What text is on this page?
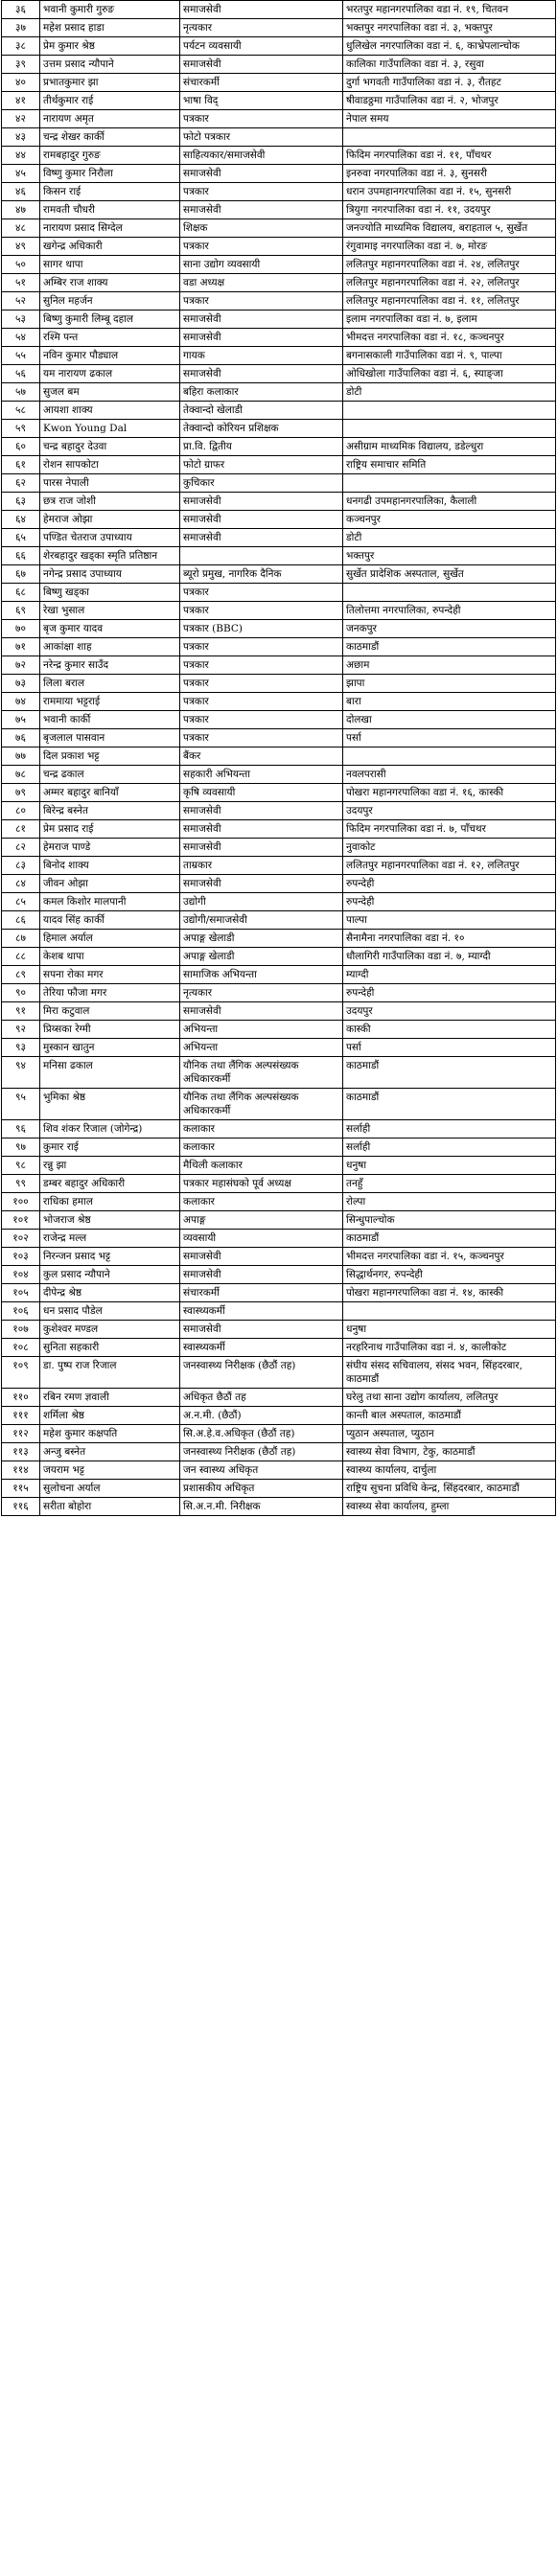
३६	भवानी कुमारी गुरुङ	समाजसेवी	भरतपुर महानगरपालिका वडा नं. १९, चितवन
३७	महेश प्रसाद हाडा	नृत्यकार	भक्तपुर नगरपालिका वडा नं. ३, भक्तपुर
३८	प्रेम कुमार श्रेष्ठ	पर्यटन व्यवसायी	धुलिखेल नगरपालिका वडा नं. ६, काभ्रेपलान्चोक
३९	उत्तम प्रसाद न्यौपाने	समाजसेवी	कालिका गाउँपालिका वडा नं. ३, रसुवा
४०	प्रभातकुमार झा	संचारकर्मी	दुर्गा भगवती गाउँपालिका वडा नं. ३, रौतहट
४१	तीर्थकुमार राई	भाषा विद्	षीवाडठ्ठमा गाउँपालिका वडा नं. २, भोजपुर
४२	नारायण अमृत	पत्रकार	नेपाल समय
४३	चन्द्र शेखर कार्की	फोटो पत्रकार	
४४	रामबहादुर गुरुङ	साहित्यकार/समाजसेवी	फिदिम नगरपालिका वडा नं. ११, पाँचथर
४५	विष्णु कुमार निरौला	समाजसेवी	इनरुवा नगरपालिका वडा नं. ३, सुनसरी
४६	किसन राई	पत्रकार	धरान उपमहानगरपालिका वडा नं. १५, सुनसरी
४७	रामवती चौधरी	समाजसेवी	त्रियुगा नगरपालिका वडा नं. ११, उदयपुर
४८	नारायण प्रसाद सिग्देल	शिक्षक	जनज्योति माध्यमिक विद्यालय, बराहताल ५, सुर्खेत
४९	खगेन्द्र अधिकारी	पत्रकार	रंगुवामाइ नगरपालिका वडा नं. ७, मोरङ
५०	सागर थापा	साना उद्योग व्यवसायी	ललितपुर महानगरपालिका वडा नं. २४, ललितपुर
५१	अम्बिर राज शाक्य	वडा अध्यक्ष	ललितपुर महानगरपालिका वडा नं. २२, ललितपुर
५२	सुनिल महर्जन	पत्रकार	ललितपुर महानगरपालिका वडा नं. ११, ललितपुर
५३	बिष्णु कुमारी लिम्बू दहाल	समाजसेवी	इलाम नगरपालिका वडा नं. ७, इलाम
५४	रश्मि पन्त	समाजसेवी	भीमदत्त नगरपालिका वडा नं. १८, कञ्चनपुर
५५	नविन कुमार पौड्याल	गायक	बगनासकाली गाउँपालिका वडा नं. ९, पाल्पा
५६	यम नारायण ढकाल	समाजसेवी	ओधिखोला गाउँपालिका वडा नं. ६, स्याङ्जा
५७	सुजल बम	बहिरा कलाकार	डोटी
५८	आयशा शाक्य	तेक्वान्दो खेलाडी	
५९	Kwon Young Dal	तेक्वान्दो कोरियन प्रशिक्षक	
६०	चन्द्र बहादुर देउवा	प्रा.वि. द्वितीय	असीग्राम माध्यमिक विद्यालय, डडेल्धुरा
६१	रोशन सापकोटा	फोटो ग्राफर	राष्ट्रिय समाचार समिति
६२	पारस नेपाली	कुचिकार	
६३	छत्र राज जोशी	समाजसेवी	धनगढी उपमहानगरपालिका, कैलाली
६४	हेमराज ओझा	समाजसेवी	कञ्चनपुर
६५	पण्डित चेतराज उपाध्याय	समाजसेवी	डोटी
६६	शेरबहादुर खड्का स्मृति प्रतिष्ठान		भक्तपुर
६७	नगेन्द्र प्रसाद उपाध्याय	ब्यूरो प्रमुख, नागरिक दैनिक	सुर्खेत प्रादेशिक अस्पताल, सुर्खेत
६८	बिष्णु खड्का	पत्रकार	
६९	रेखा भुसाल	पत्रकार	तिलोत्तमा नगरपालिका, रुपन्देही
७०	बृज कुमार यादव	पत्रकार (BBC)	जनकपुर
७१	आकांक्षा शाह	पत्रकार	काठमाडौं
७२	नरेन्द्र कुमार साउँद	पत्रकार	अछाम
७३	लिला बराल	पत्रकार	झापा
७४	राममाया भट्टराई	पत्रकार	बारा
७५	भवानी कार्की	पत्रकार	दोलखा
७६	बृजलाल पासवान	पत्रकार	पर्सा
७७	दिल प्रकाश भट्ट	बैंकर	
७८	चन्द्र ढकाल	सहकारी अभियन्ता	नवलपरासी
७९	अम्मर बहादुर बानियाँ	कृषि व्यवसायी	पोखरा महानगरपालिका वडा नं. १६, कास्की
८०	बिरेन्द्र बस्नेत	समाजसेवी	उदयपुर
८१	प्रेम प्रसाद राई	समाजसेवी	फिदिम नगरपालिका वडा नं. ७, पाँचथर
८२	हेमराज पाण्डे	समाजसेवी	नुवाकोट
८३	बिनोद शाक्य	ताम्रकार	ललितपुर महानगरपालिका वडा नं. १२, ललितपुर
८४	जीवन ओझा	समाजसेवी	रुपन्देही
८५	कमल किशोर मालपानी	उद्योगी	रुपन्देही
८६	यादव सिंह कार्की	उद्योगी/समाजसेवी	पाल्पा
८७	हिमाल अर्याल	अपाङ्ग खेलाडी	सैनामैना नगरपालिका वडा नं. १०
८८	केशब थापा	अपाङ्ग खेलाडी	धौलागिरी गाउँपालिका वडा नं. ७, म्याग्दी
८९	सपना रोका मगर	सामाजिक अभियन्ता	म्याग्दी
९०	तेरिया फौजा मगर	नृत्यकार	रुपन्देही
९१	मिरा कटुवाल	समाजसेवी	उदयपुर
९२	प्रिय्सका रेग्मी	अभियन्ता	कास्की
९३	मुस्कान खातुन	अभियन्ता	पर्सा
९४	मनिसा ढकाल	यौनिक तथा लैंगिक अल्पसंख्यक अधिकारकर्मी	काठमाडौं
९५	भुमिका श्रेष्ठ	यौनिक तथा लैंगिक अल्पसंख्यक अधिकारकर्मी	काठमाडौं
९६	शिव शंकर रिजाल (जोगेन्द्र)	कलाकार	सर्लाही
९७	कुमार राई	कलाकार	सर्लाही
९८	रन्नु झा	मैथिली कलाकार	धनुषा
९९	डम्बर बहादुर अधिकारी	पत्रकार महासंघको पूर्व अध्यक्ष	तनहुँ
१००	राधिका हमाल	कलाकार	रोल्पा
१०१	भोजराज श्रेष्ठ	अपाङ्ग	सिन्धुपाल्चोक
१०२	राजेन्द्र मल्ल	व्यवसायी	काठमाडौं
१०३	निरन्जन प्रसाद भट्ट	समाजसेवी	भीमदत्त नगरपालिका वडा नं. १५, कञ्चनपुर
१०४	कुल प्रसाद न्यौपाने	समाजसेवी	सिद्धार्थनगर, रुपन्देही
१०५	दीपेन्द्र श्रेष्ठ	संचारकर्मी	पोखरा महानगरपालिका वडा नं. १४, कास्की
१०६	धन प्रसाद पौडेल	स्वास्थ्यकर्मी	
१०७	कुशेश्वर मण्डल	समाजसेवी	धनुषा
१०८	सुनिता सहकारी	स्वास्थ्यकर्मी	नरहरिनाथ गाउँपालिका वडा नं. ४, कालीकोट
१०९	डा. पुष्प राज रिजाल	जनस्वास्थ्य निरीक्षक (छैठौं तह)	संघीय संसद सचिवालय, संसद भवन, सिंहदरबार, काठमाडौं
११०	रबिन रमण ज्ञवाली	अधिकृत छैठौं तह	घरेलु तथा साना उद्योग कार्यालय, ललितपुर
१११	शर्मिला श्रेष्ठ	अ.न.मी. (छैठौं)	कान्ती बाल अस्पताल, काठमाडौं
११२	महेश कुमार कक्षपति	सि.अ.हे.व.अधिकृत (छैठौं तह)	प्युठान अस्पताल, प्युठान
११३	अन्जु बस्नेत	जनस्वास्थ्य निरीक्षक (छैठौं तह)	स्वास्थ्य सेवा विभाग, टेकु, काठमाडौं
११४	जयराम भट्ट	जन स्वास्थ्य अधिकृत	स्वास्थ्य कार्यालय, दार्चुला
११५	सुलोचना अर्याल	प्रशासकीय अधिकृत	राष्ट्रिय सुचना प्रविधि केन्द्र, सिंहदरबार, काठमाडौं
११६	सरीता बोहोरा	सि.अ.न.मी. निरीक्षक	स्वास्थ्य सेवा कार्यालय, हुम्ला
